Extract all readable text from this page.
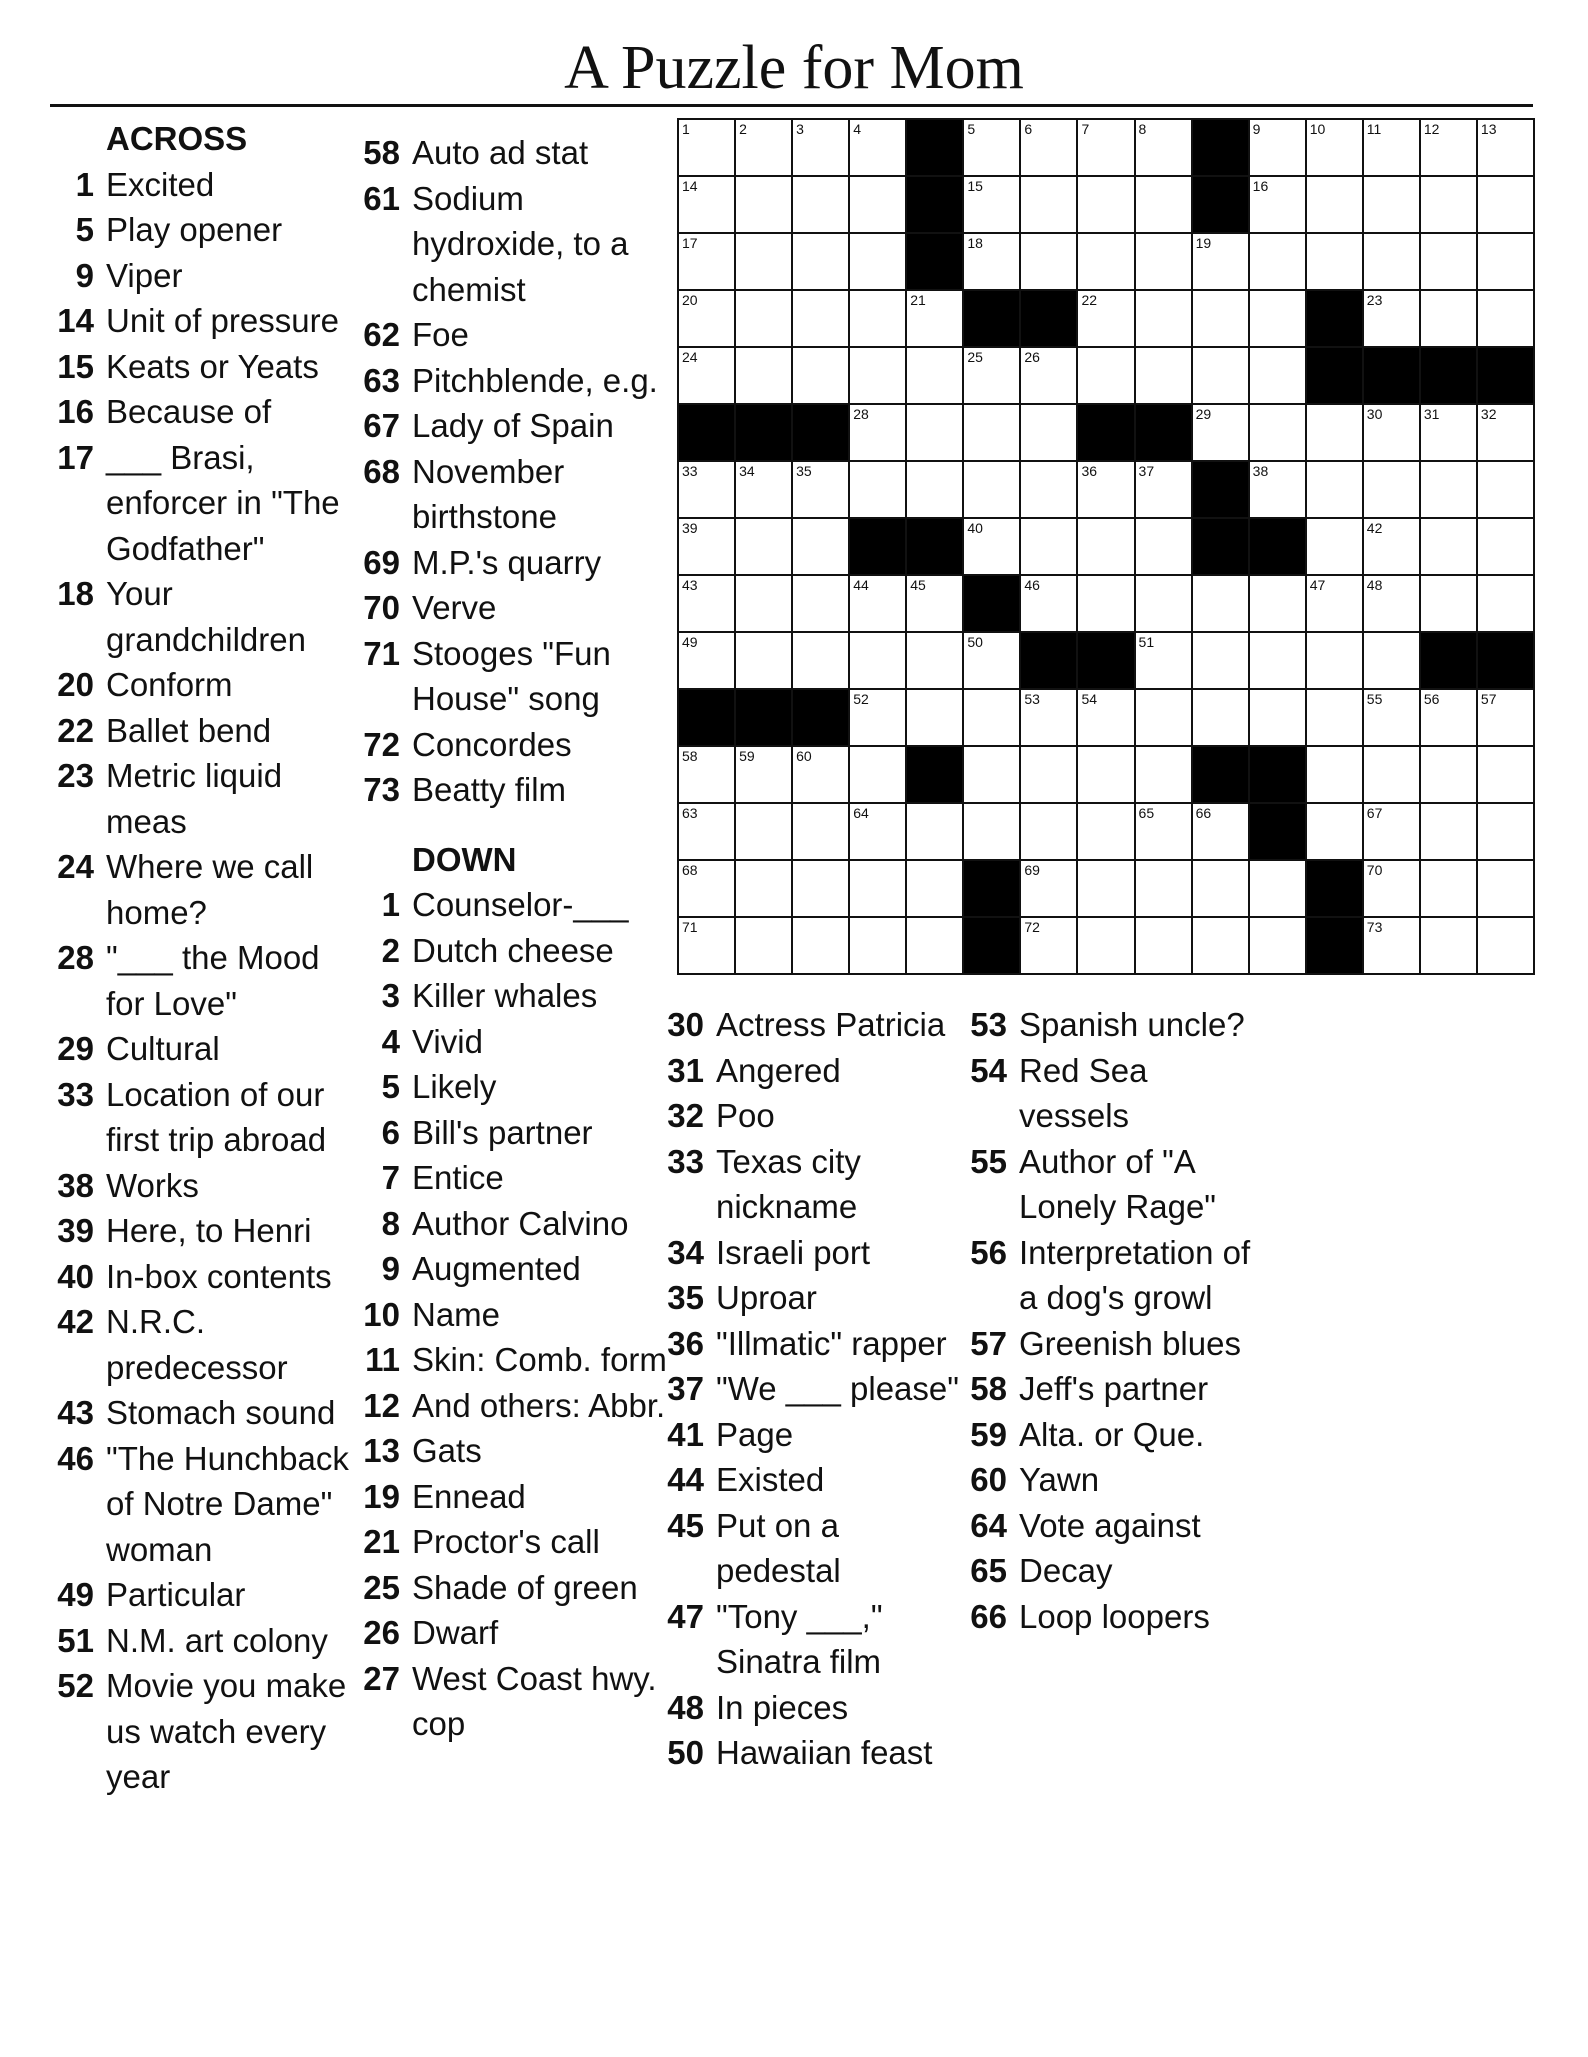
A Puzzle for Mom
ACROSS
1 Excited
5 Play opener
9 Viper
14 Unit of pressure
15 Keats or Yeats
16 Because of
17 ___ Brasi, enforcer in "The Godfather"
18 Your grandchildren
20 Conform
22 Ballet bend
23 Metric liquid meas
24 Where we call home?
28 "___ the Mood for Love"
29 Cultural
33 Location of our first trip abroad
38 Works
39 Here, to Henri
40 In-box contents
42 N.R.C. predecessor
43 Stomach sound
46 "The Hunchback of Notre Dame" woman
49 Particular
51 N.M. art colony
52 Movie you make us watch every year
58 Auto ad stat
61 Sodium hydroxide, to a chemist
62 Foe
63 Pitchblende, e.g.
67 Lady of Spain
68 November birthstone
69 M.P.'s quarry
70 Verve
71 Stooges "Fun House" song
72 Concordes
73 Beatty film
DOWN
1 Counselor-___
2 Dutch cheese
3 Killer whales
4 Vivid
5 Likely
6 Bill's partner
7 Entice
8 Author Calvino
9 Augmented
10 Name
11 Skin: Comb. form
12 And others: Abbr.
13 Gats
19 Ennead
21 Proctor's call
25 Shade of green
26 Dwarf
27 West Coast hwy. cop
30 Actress Patricia
31 Angered
32 Poo
33 Texas city nickname
34 Israeli port
35 Uproar
36 "Illmatic" rapper
37 "We ___ please"
41 Page
44 Existed
45 Put on a pedestal
47 "Tony ___," Sinatra film
48 In pieces
50 Hawaiian feast
53 Spanish uncle?
54 Red Sea vessels
55 Author of "A Lonely Rage"
56 Interpretation of a dog's growl
57 Greenish blues
58 Jeff's partner
59 Alta. or Que.
60 Yawn
64 Vote against
65 Decay
66 Loop loopers
1	2	3	4	5	6	7	8	9	10	11	12	13
14	15	16
17	18	19
20	21	22	23
24	25	26
28	29	30	31	32
33	34	35	36	37	38
39	40	42
43	44	45	46	47	48
49	50	51
52	53	54	55	56	57
58	59	60
63	64	65	66	67
68	69	70
71	72	73
